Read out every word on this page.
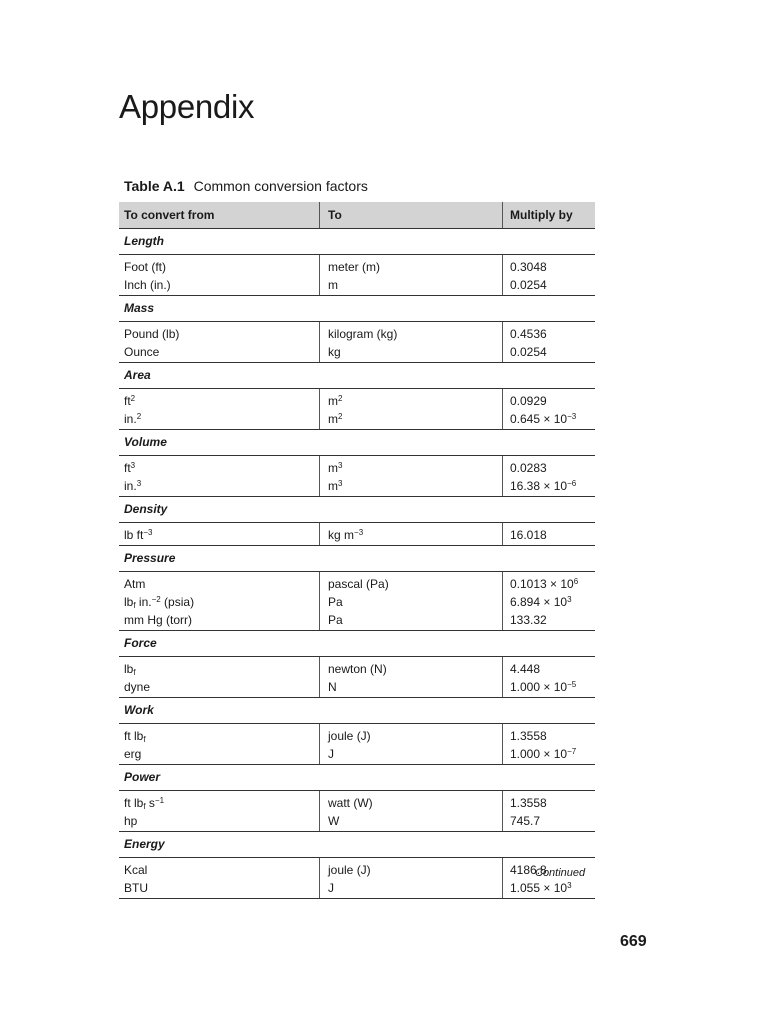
Appendix
Table A.1 Common conversion factors
To convert from	To	Multiply by
Length
Foot (ft)	meter (m)	0.3048
Inch (in.)	m	0.0254
Mass
Pound (lb)	kilogram (kg)	0.4536
Ounce	kg	0.0254
Area
$ft^2$	$m^2$	0.0929
in.$^2$	$m^2$	$0.645 \times 10^{-3}$
Volume
$ft^3$	$m^3$	0.0283
in.$^3$	$m^3$	$16.38 \times 10^{-6}$
Density
lb $ft^{-3}$	kg $m^{-3}$	16.018
Pressure
Atm	pascal (Pa)	$0.1013 \times 10^6$
$lb_f$ in.$^{-2}$ (psia)	Pa	$6.894 \times 10^3$
mm Hg (torr)	Pa	133.32
Force
$lb_f$	newton (N)	4.448
dyne	N	$1.000 \times 10^{-5}$
Work
ft $lb_f$	joule (J)	1.3558
erg	J	$1.000 \times 10^{-7}$
Power
ft $lb_f$ $s^{-1}$	watt (W)	1.3558
hp	W	745.7
Energy
Kcal	joule (J)	4186.8
BTU	J	$1.055 \times 10^3$
Continued
669
